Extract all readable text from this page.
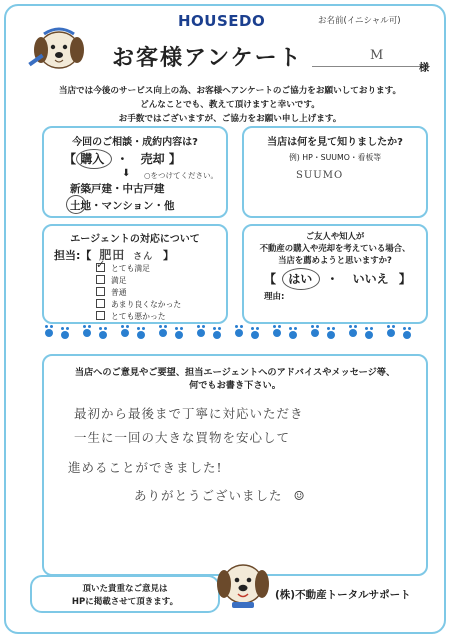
HOUSEDO	お名前(イニシャル可)
お客様アンケート	M
様
当店では今後のサービス向上の為、お客様へアンケートのご協力をお願いしております。
どんなことでも、教えて頂けますと幸いです。
お手数ではございますが、ご協力をお願い申し上げます。
今回のご相談・成約内容は?
【 購入 ・ 売却 】
⬇ ○をつけてください。
新築戸建・中古戸建
土地・マンション・他
当店は何を見て知りましたか?
例) HP・SUUMO・看板等
SUUMO
エージェントの対応について
担当:【 肥田 さん 】
✓ とても満足
満足
普通
あまり良くなかった
とても悪かった
ご友人や知人が
不動産の購入や売却を考えている場合、
当店を薦めようと思いますか?
【 はい ・ いいえ 】
理由:
当店へのご意見やご要望、担当エージェントへのアドバイスやメッセージ等、
何でもお書き下さい。
最初から最後まで丁寧に対応いただき
一生に一回の大きな買物を安心して
進めることができました!
ありがとうございました ☺
頂いた貴重なご意見は
HPに掲載させて頂きます。
(株)不動産トータルサポート
